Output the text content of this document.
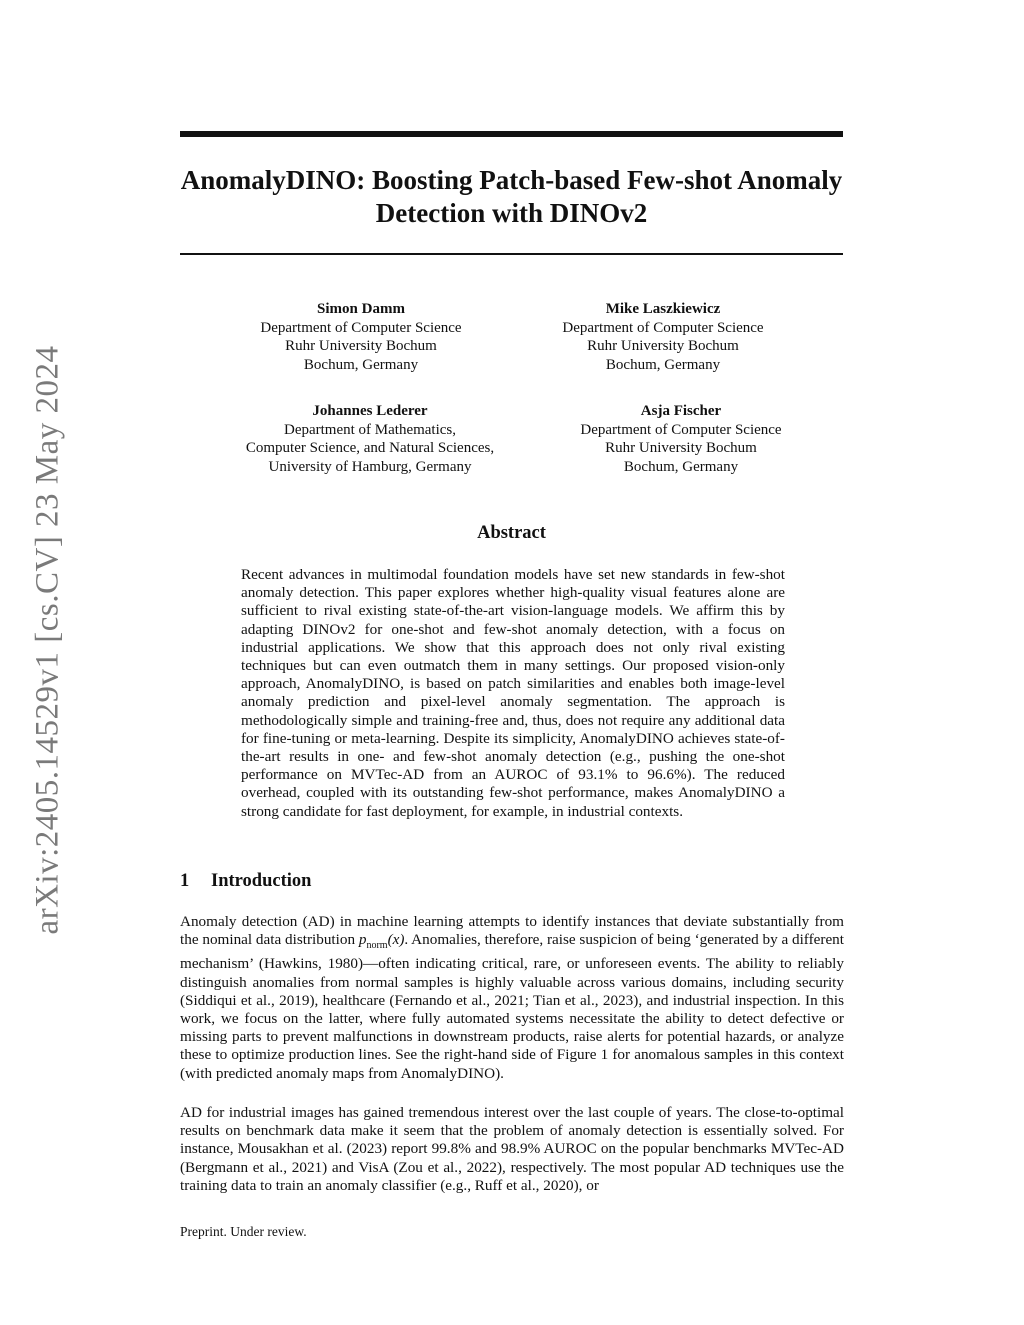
arXiv:2405.14529v1 [cs.CV] 23 May 2024
AnomalyDINO: Boosting Patch-based Few-shot Anomaly Detection with DINOv2
Simon Damm
Department of Computer Science
Ruhr University Bochum
Bochum, Germany
Mike Laszkiewicz
Department of Computer Science
Ruhr University Bochum
Bochum, Germany
Johannes Lederer
Department of Mathematics,
Computer Science, and Natural Sciences,
University of Hamburg, Germany
Asja Fischer
Department of Computer Science
Ruhr University Bochum
Bochum, Germany
Abstract

Recent advances in multimodal foundation models have set new standards in few-shot anomaly detection. This paper explores whether high-quality visual features alone are sufficient to rival existing state-of-the-art vision-language models. We affirm this by adapting DINOv2 for one-shot and few-shot anomaly detection, with a focus on industrial applications. We show that this approach does not only rival existing techniques but can even outmatch them in many settings. Our proposed vision-only approach, AnomalyDINO, is based on patch similarities and enables both image-level anomaly prediction and pixel-level anomaly segmentation. The approach is methodologically simple and training-free and, thus, does not require any additional data for fine-tuning or meta-learning. Despite its simplicity, AnomalyDINO achieves state-of-the-art results in one- and few-shot anomaly detection (e.g., pushing the one-shot performance on MVTec-AD from an AUROC of 93.1% to 96.6%). The reduced overhead, coupled with its outstanding few-shot performance, makes AnomalyDINO a strong candidate for fast deployment, for example, in industrial contexts.

1 Introduction

Anomaly detection (AD) in machine learning attempts to identify instances that deviate substantially from the nominal data distribution $p_{norm}(x)$. Anomalies, therefore, raise suspicion of being ‘generated by a different mechanism’ (Hawkins, 1980)—often indicating critical, rare, or unforeseen events. The ability to reliably distinguish anomalies from normal samples is highly valuable across various domains, including security (Siddiqui et al., 2019), healthcare (Fernando et al., 2021; Tian et al., 2023), and industrial inspection. In this work, we focus on the latter, where fully automated systems necessitate the ability to detect defective or missing parts to prevent malfunctions in downstream products, raise alerts for potential hazards, or analyze these to optimize production lines. See the right-hand side of Figure 1 for anomalous samples in this context (with predicted anomaly maps from AnomalyDINO).

AD for industrial images has gained tremendous interest over the last couple of years. The close-to-optimal results on benchmark data make it seem that the problem of anomaly detection is essentially solved. For instance, Mousakhan et al. (2023) report 99.8% and 98.9% AUROC on the popular benchmarks MVTec-AD (Bergmann et al., 2021) and VisA (Zou et al., 2022), respectively. The most popular AD techniques use the training data to train an anomaly classifier (e.g., Ruff et al., 2020), or

Preprint. Under review.
